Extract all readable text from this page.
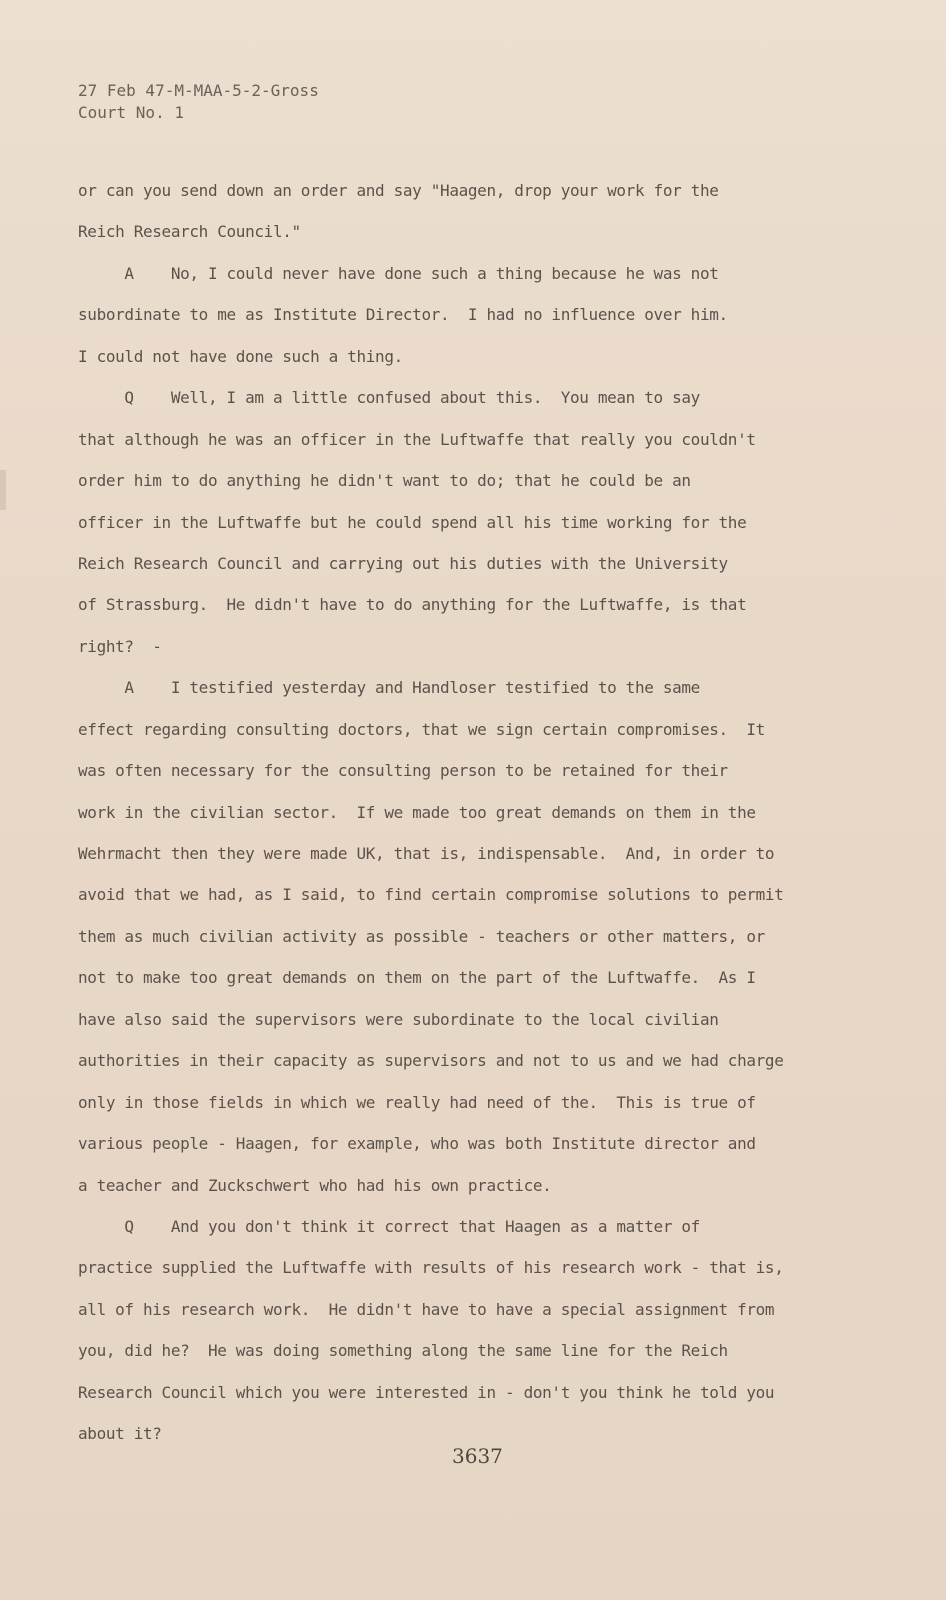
27 Feb 47-M-MAA-5-2-Gross
Court No. 1
or can you send down an order and say "Haagen, drop your work for the
Reich Research Council."
A    No, I could never have done such a thing because he was not
subordinate to me as Institute Director.  I had no influence over him.
I could not have done such a thing.
Q    Well, I am a little confused about this.  You mean to say
that although he was an officer in the Luftwaffe that really you couldn't
order him to do anything he didn't want to do; that he could be an
officer in the Luftwaffe but he could spend all his time working for the
Reich Research Council and carrying out his duties with the University
of Strassburg.  He didn't have to do anything for the Luftwaffe, is that
right?  -
A    I testified yesterday and Handloser testified to the same
effect regarding consulting doctors, that we sign certain compromises.  It
was often necessary for the consulting person to be retained for their
work in the civilian sector.  If we made too great demands on them in the
Wehrmacht then they were made UK, that is, indispensable.  And, in order to
avoid that we had, as I said, to find certain compromise solutions to permit
them as much civilian activity as possible - teachers or other matters, or
not to make too great demands on them on the part of the Luftwaffe.  As I
have also said the supervisors were subordinate to the local civilian
authorities in their capacity as supervisors and not to us and we had charge
only in those fields in which we really had need of the.  This is true of
various people - Haagen, for example, who was both Institute director and
a teacher and Zuckschwert who had his own practice.
Q    And you don't think it correct that Haagen as a matter of
practice supplied the Luftwaffe with results of his research work - that is,
all of his research work.  He didn't have to have a special assignment from
you, did he?  He was doing something along the same line for the Reich
Research Council which you were interested in - don't you think he told you
about it?
3637
